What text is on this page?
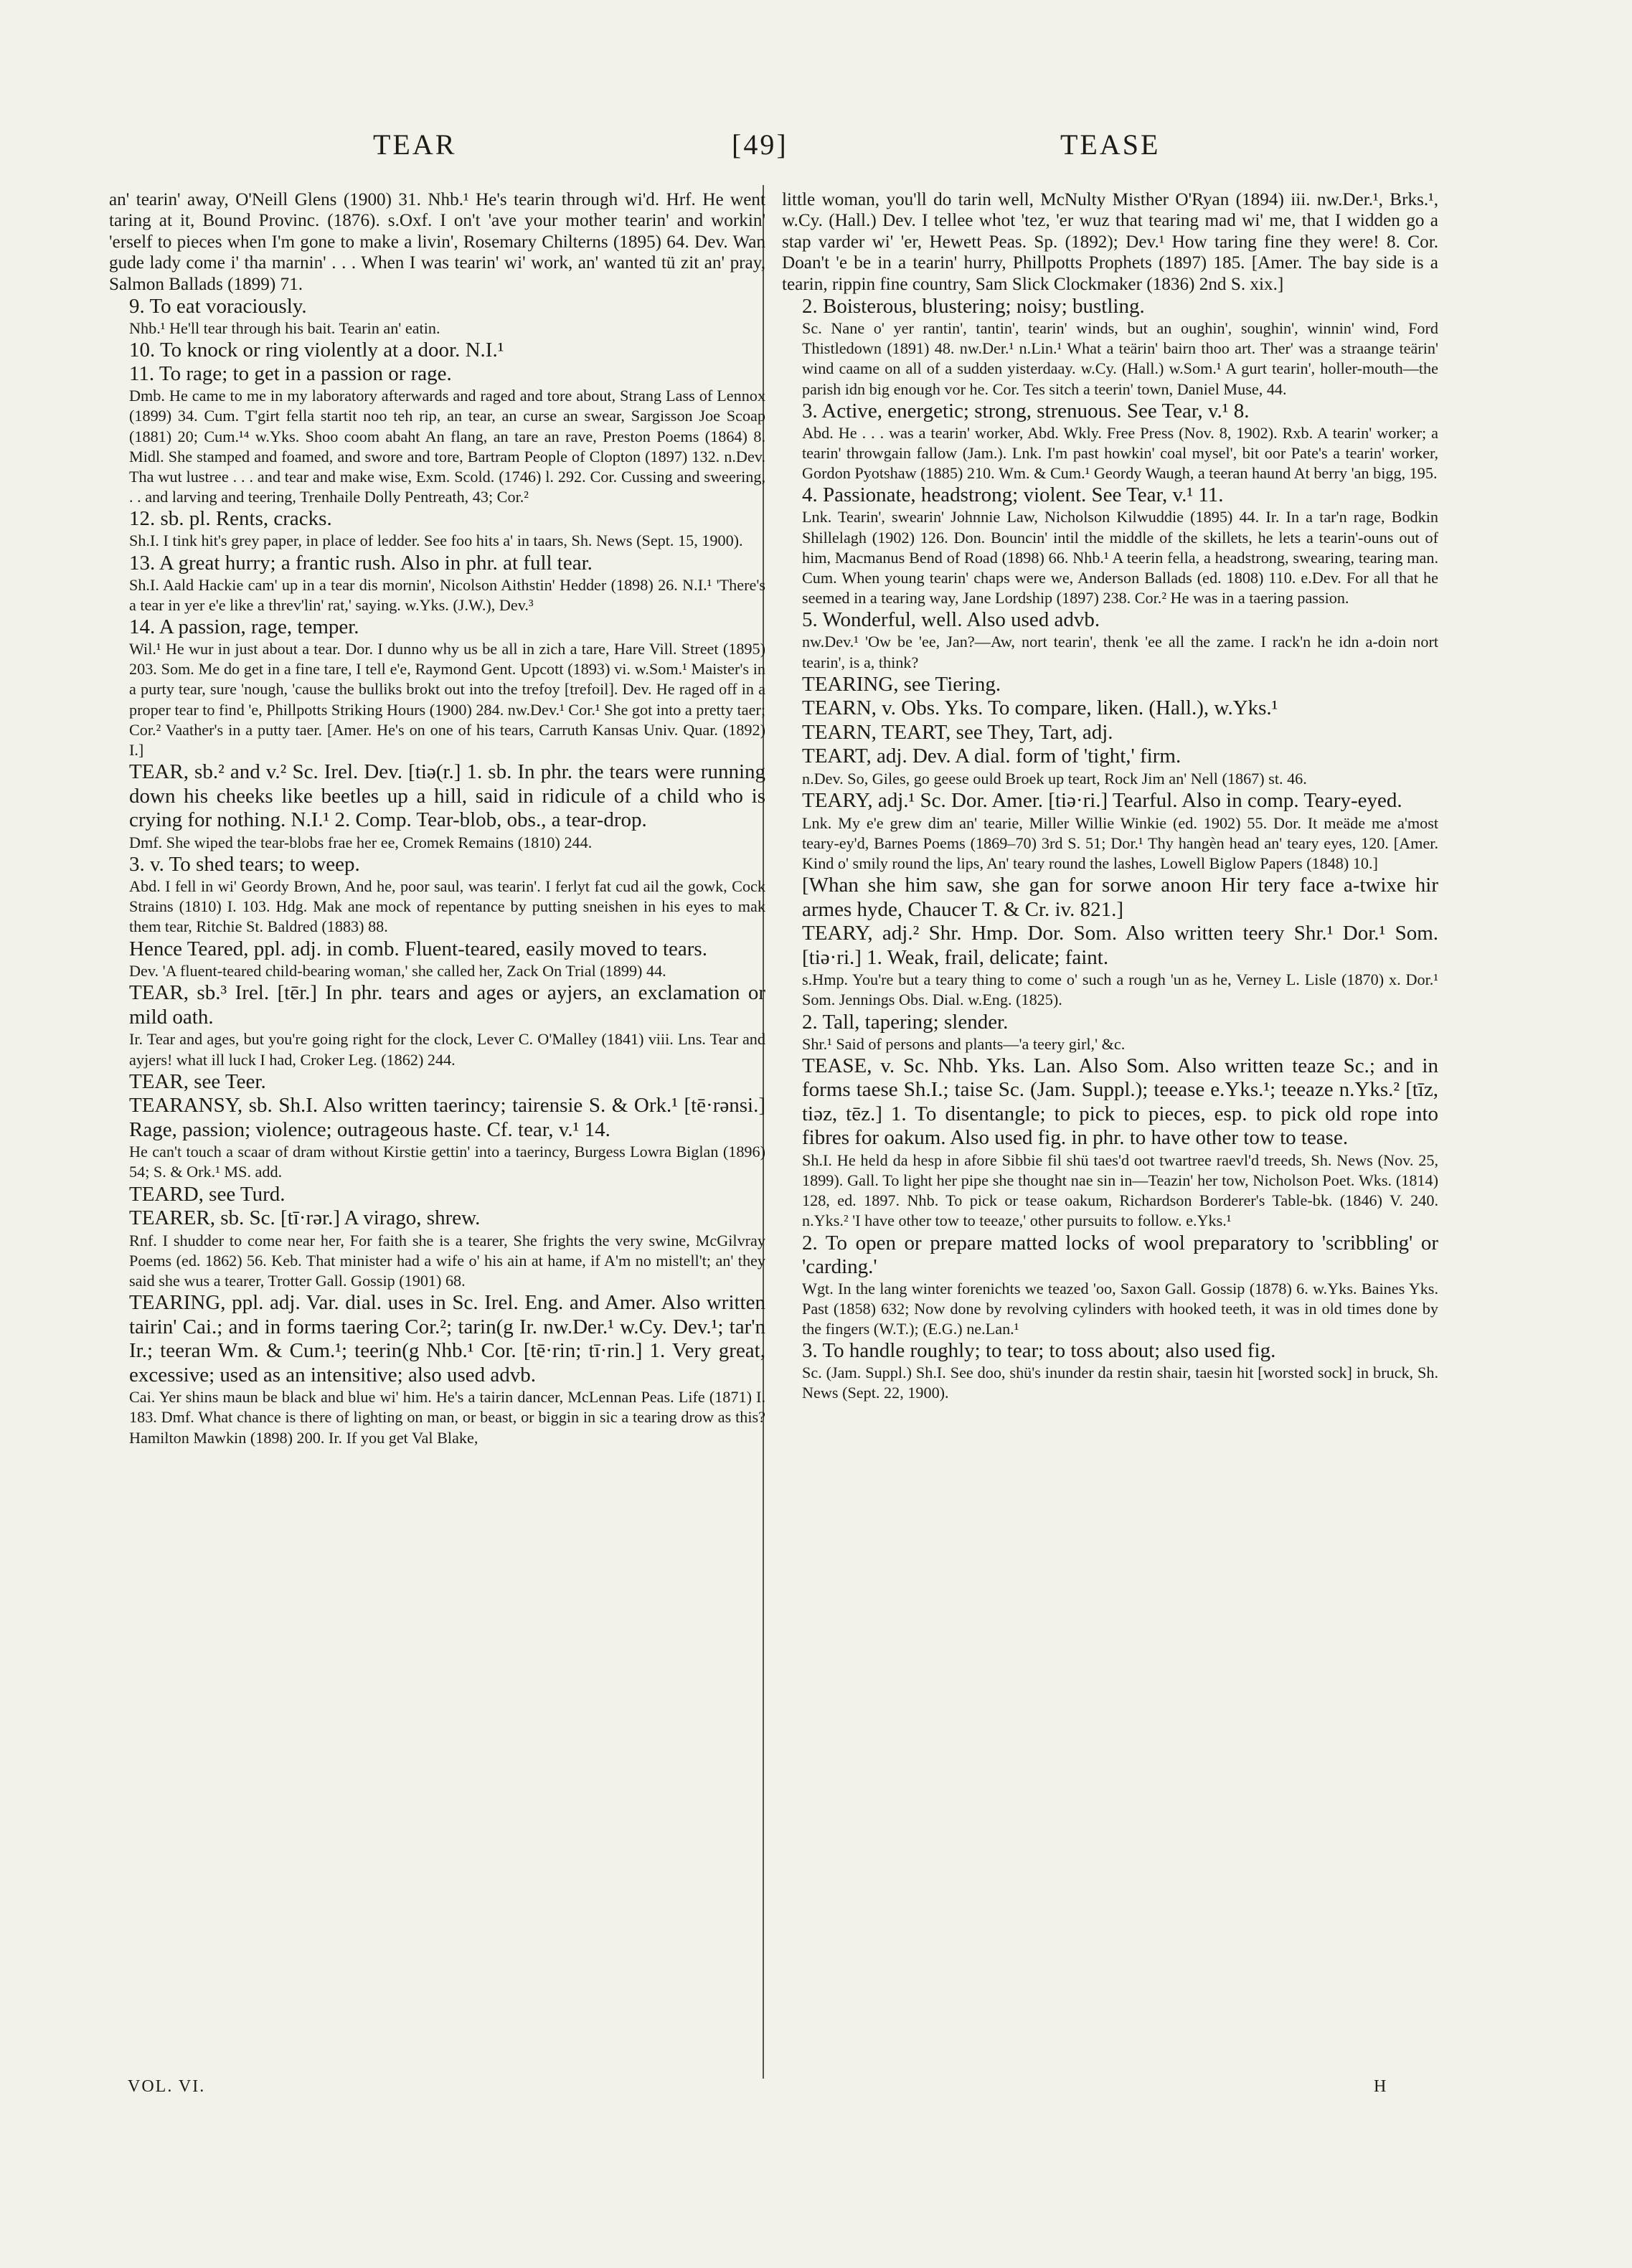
TEAR	[49]	TEASE

an' tearin' away, O'Neill Glens (1900) 31. Nhb.¹ He's tearin through wi'd. Hrf. He went taring at it, Bound Provinc. (1876). s.Oxf. I on't 'ave your mother tearin' and workin' 'erself to pieces when I'm gone to make a livin', Rosemary Chilterns (1895) 64. Dev. Wan gude lady come i' tha marnin' . . . When I was tearin' wi' work, an' wanted tü zit an' pray, Salmon Ballads (1899) 71.

9. To eat voraciously.

Nhb.¹ He'll tear through his bait. Tearin an' eatin.

10. To knock or ring violently at a door. N.I.¹

11. To rage; to get in a passion or rage.

Dmb. He came to me in my laboratory afterwards and raged and tore about, Strang Lass of Lennox (1899) 34. Cum. T'girt fella startit noo teh rip, an tear, an curse an swear, Sargisson Joe Scoap (1881) 20; Cum.¹⁴ w.Yks. Shoo coom abaht An flang, an tare an rave, Preston Poems (1864) 8. Midl. She stamped and foamed, and swore and tore, Bartram People of Clopton (1897) 132. n.Dev. Tha wut lustree . . . and tear and make wise, Exm. Scold. (1746) l. 292. Cor. Cussing and sweering, . . and larving and teering, Trenhaile Dolly Pentreath, 43; Cor.²

12. sb. pl. Rents, cracks.

Sh.I. I tink hit's grey paper, in place of ledder. See foo hits a' in taars, Sh. News (Sept. 15, 1900).

13. A great hurry; a frantic rush. Also in phr. at full tear.

Sh.I. Aald Hackie cam' up in a tear dis mornin', Nicolson Aithstin' Hedder (1898) 26. N.I.¹ 'There's a tear in yer e'e like a threv'lin' rat,' saying. w.Yks. (J.W.), Dev.³

14. A passion, rage, temper.

Wil.¹ He wur in just about a tear. Dor. I dunno why us be all in zich a tare, Hare Vill. Street (1895) 203. Som. Me do get in a fine tare, I tell e'e, Raymond Gent. Upcott (1893) vi. w.Som.¹ Maister's in a purty tear, sure 'nough, 'cause the bulliks brokt out into the trefoy [trefoil]. Dev. He raged off in a proper tear to find 'e, Phillpotts Striking Hours (1900) 284. nw.Dev.¹ Cor.¹ She got into a pretty taer; Cor.² Vaather's in a putty taer. [Amer. He's on one of his tears, Carruth Kansas Univ. Quar. (1892) I.]

TEAR, sb.² and v.² Sc. Irel. Dev. [tiə(r.] 1. sb. In phr. the tears were running down his cheeks like beetles up a hill, said in ridicule of a child who is crying for nothing. N.I.¹ 2. Comp. Tear-blob, obs., a tear-drop.

Dmf. She wiped the tear-blobs frae her ee, Cromek Remains (1810) 244.

3. v. To shed tears; to weep.

Abd. I fell in wi' Geordy Brown, And he, poor saul, was tearin'. I ferlyt fat cud ail the gowk, Cock Strains (1810) I. 103. Hdg. Mak ane mock of repentance by putting sneishen in his eyes to mak them tear, Ritchie St. Baldred (1883) 88.

Hence Teared, ppl. adj. in comb. Fluent-teared, easily moved to tears.

Dev. 'A fluent-teared child-bearing woman,' she called her, Zack On Trial (1899) 44.

TEAR, sb.³ Irel. [tēr.] In phr. tears and ages or ayjers, an exclamation or mild oath.

Ir. Tear and ages, but you're going right for the clock, Lever C. O'Malley (1841) viii. Lns. Tear and ayjers! what ill luck I had, Croker Leg. (1862) 244.

TEAR, see Teer.

TEARANSY, sb. Sh.I. Also written taerincy; tairensie S. & Ork.¹ [tē·rənsi.] Rage, passion; violence; outrageous haste. Cf. tear, v.¹ 14.

He can't touch a scaar of dram without Kirstie gettin' into a taerincy, Burgess Lowra Biglan (1896) 54; S. & Ork.¹ MS. add.

TEARD, see Turd.

TEARER, sb. Sc. [tī·rər.] A virago, shrew.

Rnf. I shudder to come near her, For faith she is a tearer, She frights the very swine, McGilvray Poems (ed. 1862) 56. Keb. That minister had a wife o' his ain at hame, if A'm no mistell't; an' they said she wus a tearer, Trotter Gall. Gossip (1901) 68.

TEARING, ppl. adj. Var. dial. uses in Sc. Irel. Eng. and Amer. Also written tairin' Cai.; and in forms taering Cor.²; tarin(g Ir. nw.Der.¹ w.Cy. Dev.¹; tar'n Ir.; teeran Wm. & Cum.¹; teerin(g Nhb.¹ Cor. [tē·rin; tī·rin.] 1. Very great, excessive; used as an intensitive; also used advb.

Cai. Yer shins maun be black and blue wi' him. He's a tairin dancer, McLennan Peas. Life (1871) I. 183. Dmf. What chance is there of lighting on man, or beast, or biggin in sic a tearing drow as this? Hamilton Mawkin (1898) 200. Ir. If you get Val Blake,

little woman, you'll do tarin well, McNulty Misther O'Ryan (1894) iii. nw.Der.¹, Brks.¹, w.Cy. (Hall.) Dev. I tellee whot 'tez, 'er wuz that tearing mad wi' me, that I widden go a stap varder wi' 'er, Hewett Peas. Sp. (1892); Dev.¹ How taring fine they were! 8. Cor. Doan't 'e be in a tearin' hurry, Phillpotts Prophets (1897) 185. [Amer. The bay side is a tearin, rippin fine country, Sam Slick Clockmaker (1836) 2nd S. xix.]

2. Boisterous, blustering; noisy; bustling.

Sc. Nane o' yer rantin', tantin', tearin' winds, but an oughin', soughin', winnin' wind, Ford Thistledown (1891) 48. nw.Der.¹ n.Lin.¹ What a teärin' bairn thoo art. Ther' was a straange teärin' wind caame on all of a sudden yisterdaay. w.Cy. (Hall.) w.Som.¹ A gurt tearin', holler-mouth—the parish idn big enough vor he. Cor. Tes sitch a teerin' town, Daniel Muse, 44.

3. Active, energetic; strong, strenuous. See Tear, v.¹ 8.

Abd. He . . . was a tearin' worker, Abd. Wkly. Free Press (Nov. 8, 1902). Rxb. A tearin' worker; a tearin' throwgain fallow (Jam.). Lnk. I'm past howkin' coal mysel', bit oor Pate's a tearin' worker, Gordon Pyotshaw (1885) 210. Wm. & Cum.¹ Geordy Waugh, a teeran haund At berry 'an bigg, 195.

4. Passionate, headstrong; violent. See Tear, v.¹ 11.

Lnk. Tearin', swearin' Johnnie Law, Nicholson Kilwuddie (1895) 44. Ir. In a tar'n rage, Bodkin Shillelagh (1902) 126. Don. Bouncin' intil the middle of the skillets, he lets a tearin'-ouns out of him, Macmanus Bend of Road (1898) 66. Nhb.¹ A teerin fella, a headstrong, swearing, tearing man. Cum. When young tearin' chaps were we, Anderson Ballads (ed. 1808) 110. e.Dev. For all that he seemed in a tearing way, Jane Lordship (1897) 238. Cor.² He was in a taering passion.

5. Wonderful, well. Also used advb.

nw.Dev.¹ 'Ow be 'ee, Jan?—Aw, nort tearin', thenk 'ee all the zame. I rack'n he idn a-doin nort tearin', is a, think?

TEARING, see Tiering.

TEARN, v. Obs. Yks. To compare, liken. (Hall.), w.Yks.¹

TEARN, TEART, see They, Tart, adj.

TEART, adj. Dev. A dial. form of 'tight,' firm.

n.Dev. So, Giles, go geese ould Broek up teart, Rock Jim an' Nell (1867) st. 46.

TEARY, adj.¹ Sc. Dor. Amer. [tiə·ri.] Tearful. Also in comp. Teary-eyed.

Lnk. My e'e grew dim an' tearie, Miller Willie Winkie (ed. 1902) 55. Dor. It meäde me a'most teary-ey'd, Barnes Poems (1869–70) 3rd S. 51; Dor.¹ Thy hangèn head an' teary eyes, 120. [Amer. Kind o' smily round the lips, An' teary round the lashes, Lowell Biglow Papers (1848) 10.]

[Whan she him saw, she gan for sorwe anoon Hir tery face a-twixe hir armes hyde, Chaucer T. & Cr. iv. 821.]

TEARY, adj.² Shr. Hmp. Dor. Som. Also written teery Shr.¹ Dor.¹ Som. [tiə·ri.] 1. Weak, frail, delicate; faint.

s.Hmp. You're but a teary thing to come o' such a rough 'un as he, Verney L. Lisle (1870) x. Dor.¹ Som. Jennings Obs. Dial. w.Eng. (1825).

2. Tall, tapering; slender.

Shr.¹ Said of persons and plants—'a teery girl,' &c.

TEASE, v. Sc. Nhb. Yks. Lan. Also Som. Also written teaze Sc.; and in forms taese Sh.I.; taise Sc. (Jam. Suppl.); teease e.Yks.¹; teeaze n.Yks.² [tīz, tiəz, tēz.] 1. To disentangle; to pick to pieces, esp. to pick old rope into fibres for oakum. Also used fig. in phr. to have other tow to tease.

Sh.I. He held da hesp in afore Sibbie fil shü taes'd oot twartree raevl'd treeds, Sh. News (Nov. 25, 1899). Gall. To light her pipe she thought nae sin in—Teazin' her tow, Nicholson Poet. Wks. (1814) 128, ed. 1897. Nhb. To pick or tease oakum, Richardson Borderer's Table-bk. (1846) V. 240. n.Yks.² 'I have other tow to teeaze,' other pursuits to follow. e.Yks.¹

2. To open or prepare matted locks of wool preparatory to 'scribbling' or 'carding.'

Wgt. In the lang winter forenichts we teazed 'oo, Saxon Gall. Gossip (1878) 6. w.Yks. Baines Yks. Past (1858) 632; Now done by revolving cylinders with hooked teeth, it was in old times done by the fingers (W.T.); (E.G.) ne.Lan.¹

3. To handle roughly; to tear; to toss about; also used fig.

Sc. (Jam. Suppl.) Sh.I. See doo, shü's inunder da restin shair, taesin hit [worsted sock] in bruck, Sh. News (Sept. 22, 1900).

VOL. VI.	H
